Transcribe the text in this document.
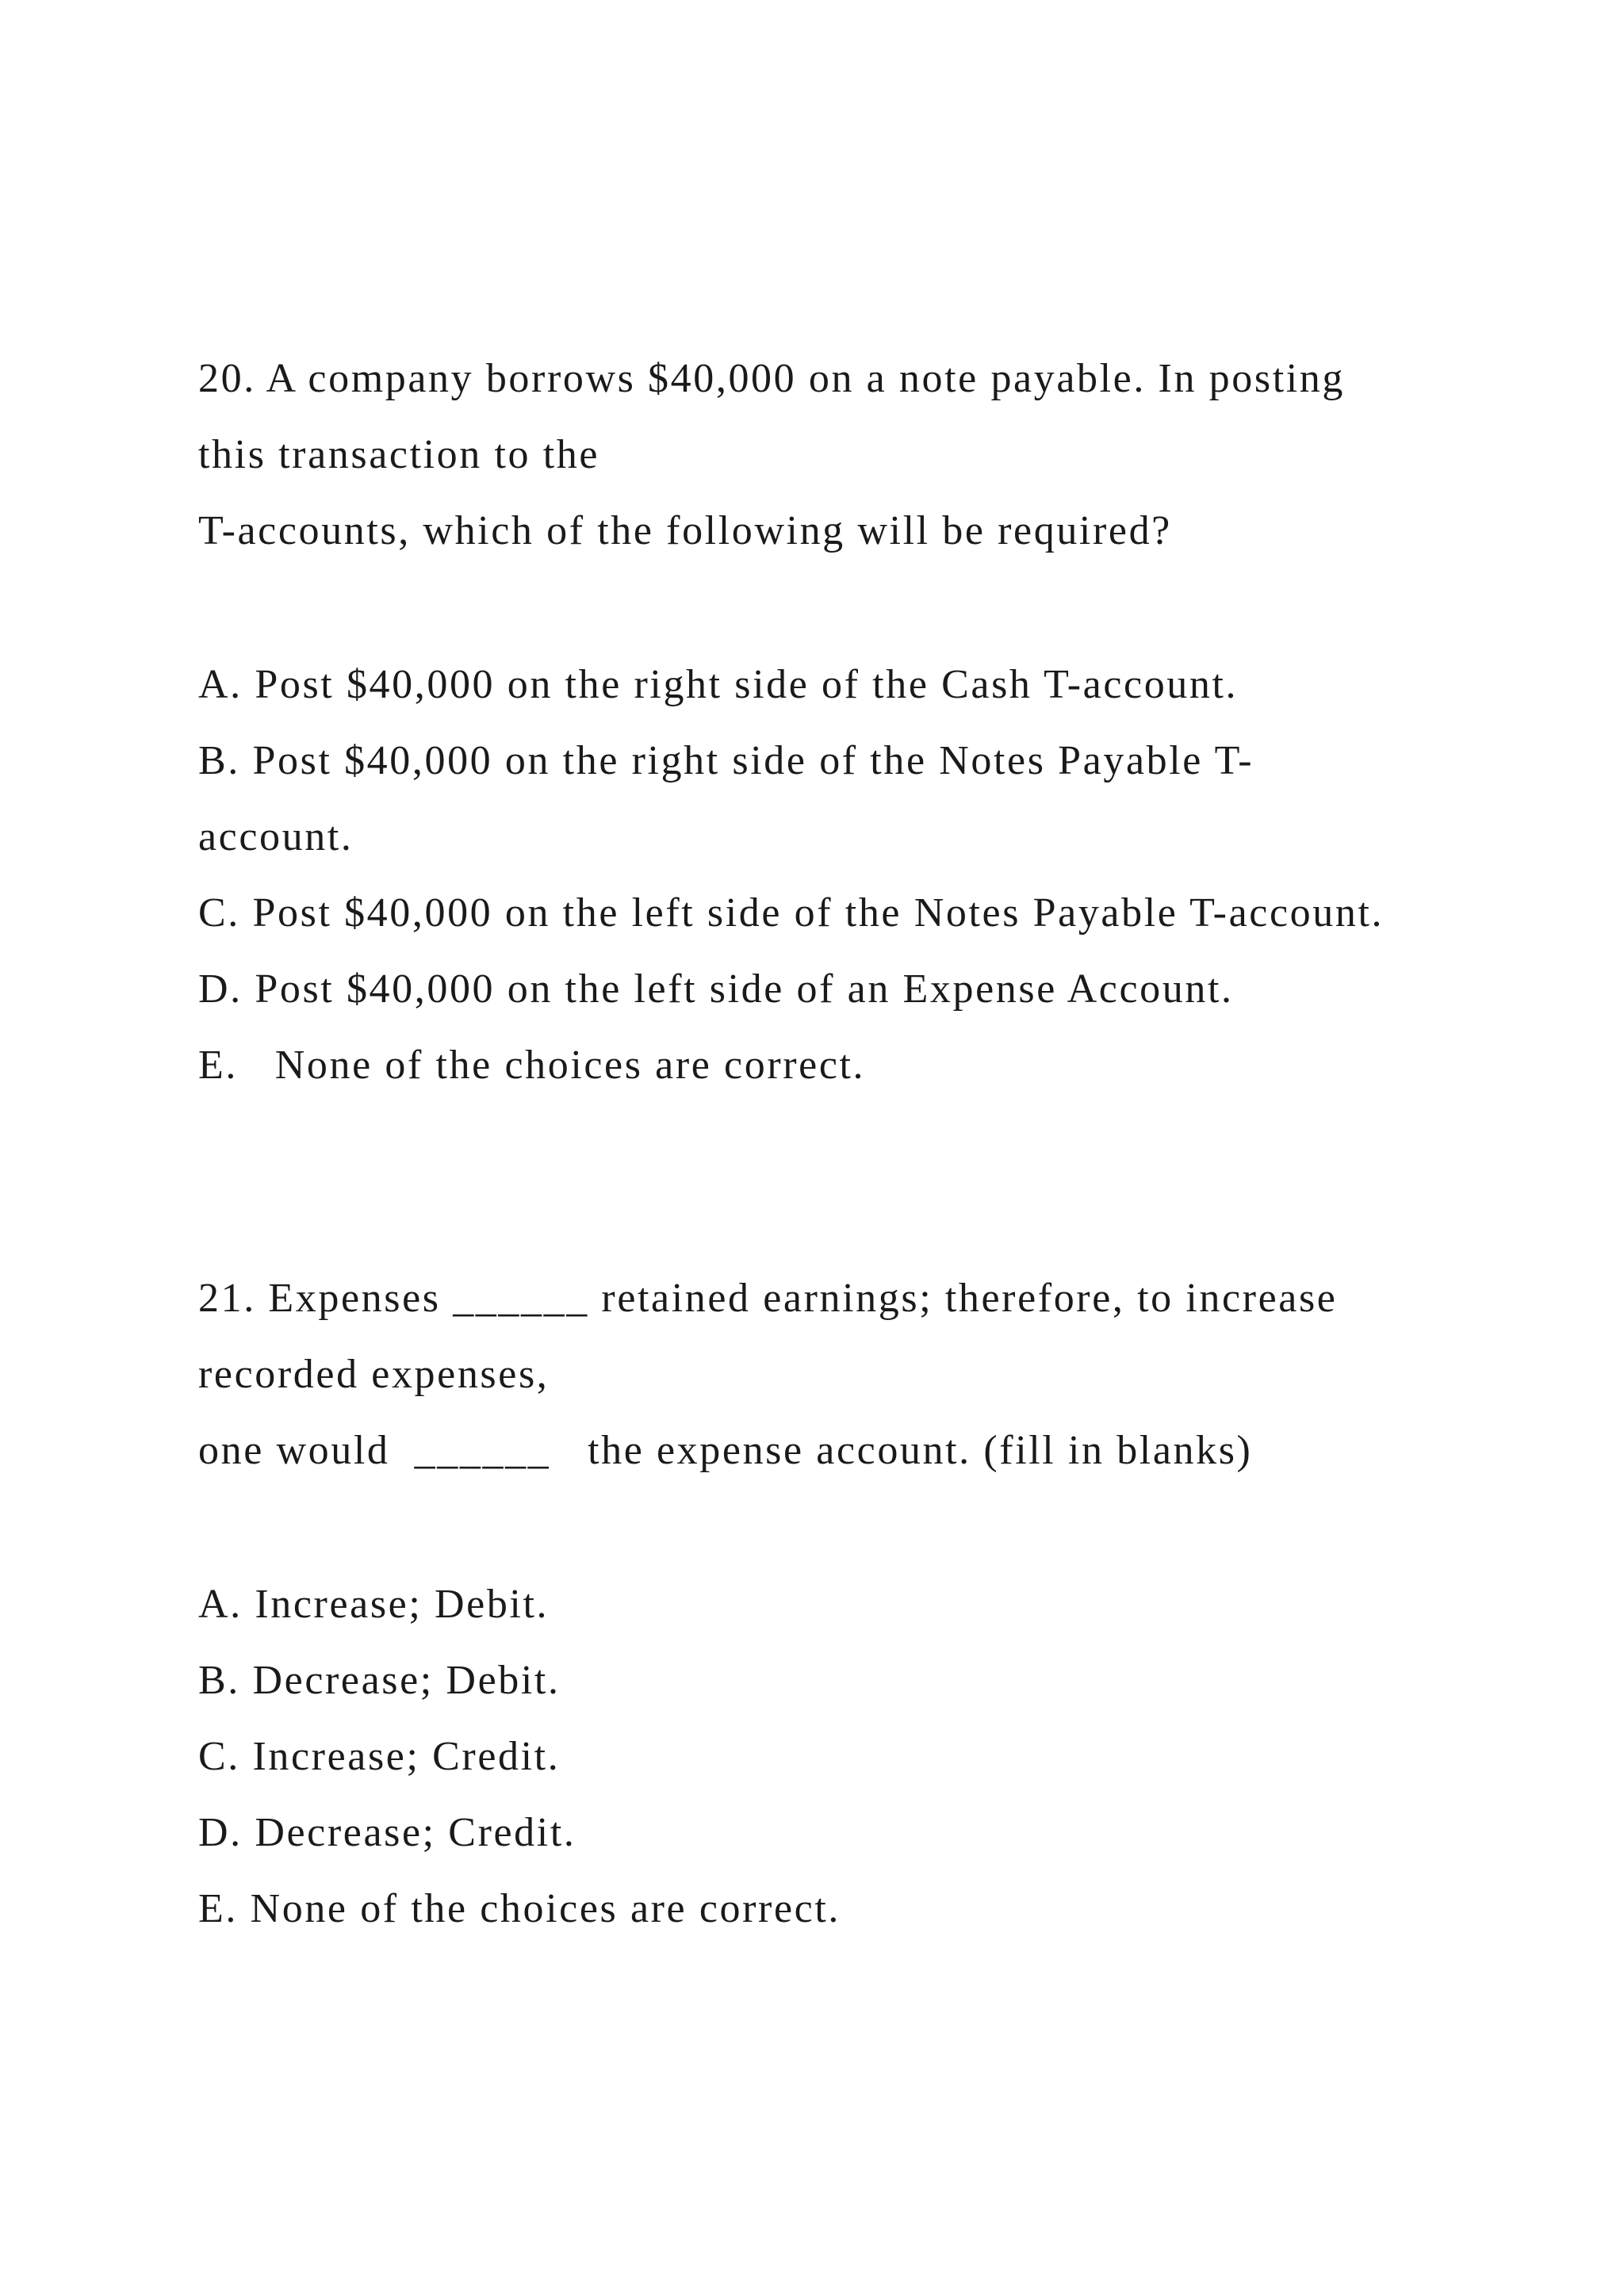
20. A company borrows $40,000 on a note payable. In posting
this transaction to the
T-accounts, which of the following will be required?
A. Post $40,000 on the right side of the Cash T-account.
B. Post $40,000 on the right side of the Notes Payable T-
account.
C. Post $40,000 on the left side of the Notes Payable T-account.
D. Post $40,000 on the left side of an Expense Account.
E.   None of the choices are correct.
21. Expenses ______ retained earnings; therefore, to increase
recorded expenses,
one would  ______   the expense account. (fill in blanks)
A. Increase; Debit.
B. Decrease; Debit.
C. Increase; Credit.
D. Decrease; Credit.
E. None of the choices are correct.
